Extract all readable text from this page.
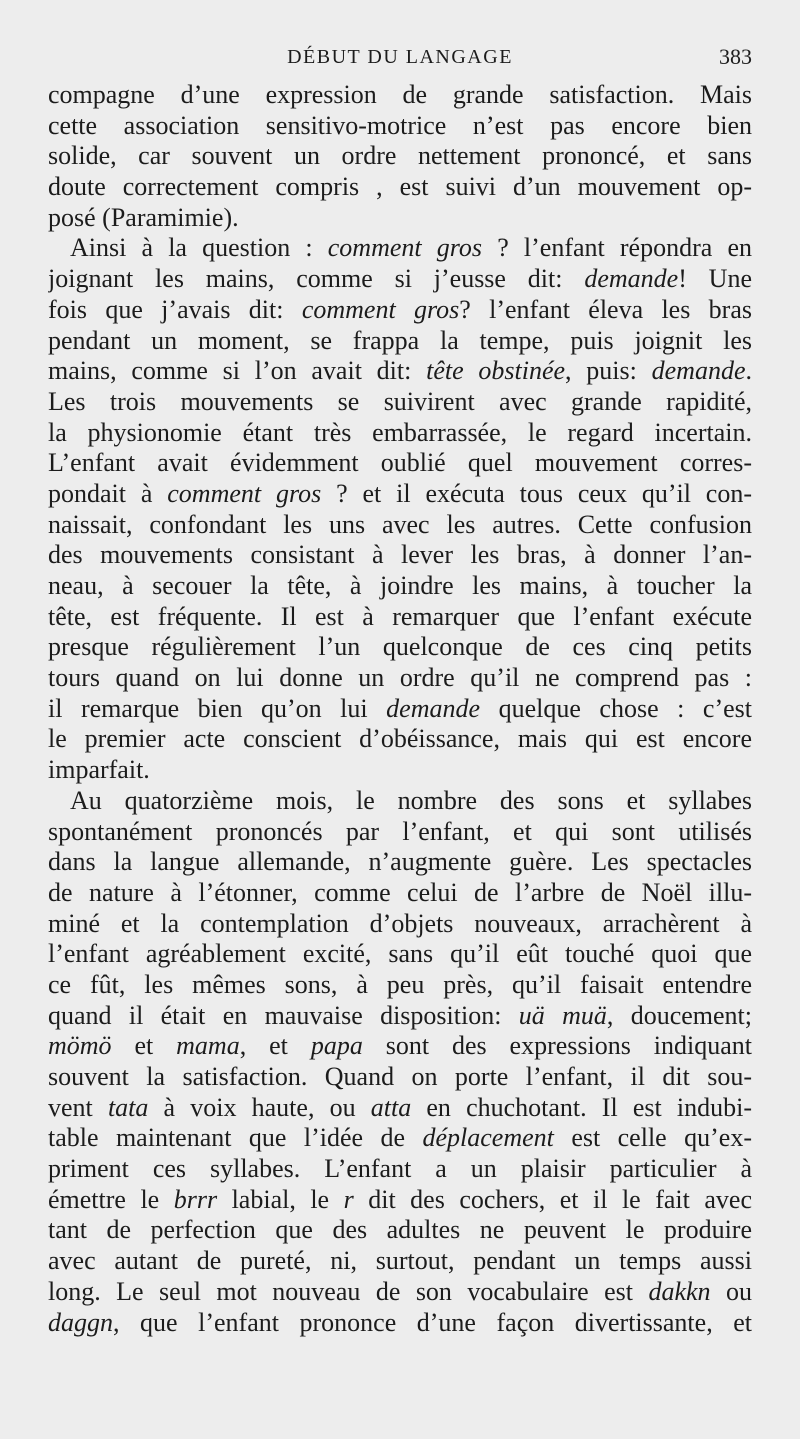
DÉBUT DU LANGAGE	383
compagne d’une expression de grande satisfaction. Mais
cette association sensitivo-motrice n’est pas encore bien
solide, car souvent un ordre nettement prononcé, et sans
doute correctement compris , est suivi d’un mouvement op-
posé (Paramimie).
Ainsi à la question : comment gros ? l’enfant répondra en
joignant les mains, comme si j’eusse dit: demande! Une
fois que j’avais dit: comment gros? l’enfant éleva les bras
pendant un moment, se frappa la tempe, puis joignit les
mains, comme si l’on avait dit: tête obstinée, puis: demande.
Les trois mouvements se suivirent avec grande rapidité,
la physionomie étant très embarrassée, le regard incertain.
L’enfant avait évidemment oublié quel mouvement corres-
pondait à comment gros ? et il exécuta tous ceux qu’il con-
naissait, confondant les uns avec les autres. Cette confusion
des mouvements consistant à lever les bras, à donner l’an-
neau, à secouer la tête, à joindre les mains, à toucher la
tête, est fréquente. Il est à remarquer que l’enfant exécute
presque régulièrement l’un quelconque de ces cinq petits
tours quand on lui donne un ordre qu’il ne comprend pas :
il remarque bien qu’on lui demande quelque chose : c’est
le premier acte conscient d’obéissance, mais qui est encore
imparfait.
Au quatorzième mois, le nombre des sons et syllabes
spontanément prononcés par l’enfant, et qui sont utilisés
dans la langue allemande, n’augmente guère. Les spectacles
de nature à l’étonner, comme celui de l’arbre de Noël illu-
miné et la contemplation d’objets nouveaux, arrachèrent à
l’enfant agréablement excité, sans qu’il eût touché quoi que
ce fût, les mêmes sons, à peu près, qu’il faisait entendre
quand il était en mauvaise disposition: uä muä, doucement;
mömö et mama, et papa sont des expressions indiquant
souvent la satisfaction. Quand on porte l’enfant, il dit sou-
vent tata à voix haute, ou atta en chuchotant. Il est indubi-
table maintenant que l’idée de déplacement est celle qu’ex-
priment ces syllabes. L’enfant a un plaisir particulier à
émettre le brrr labial, le r dit des cochers, et il le fait avec
tant de perfection que des adultes ne peuvent le produire
avec autant de pureté, ni, surtout, pendant un temps aussi
long. Le seul mot nouveau de son vocabulaire est dakkn ou
daggn, que l’enfant prononce d’une façon divertissante, et
